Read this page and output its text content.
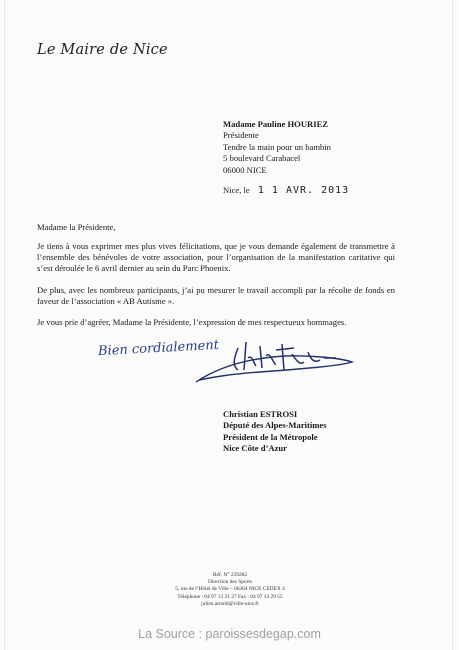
Le Maire de Nice
Madame Pauline HOURIEZ
Présidente
Tendre la main pour un bambin
5 boulevard Carabacel
06000 NICE
Nice, le 1 1 AVR. 2013
Madame la Présidente,
Je tiens à vous exprimer mes plus vives félicitations, que je vous demande également de transmettre à l’ensemble des bénévoles de votre association, pour l’organisation de la manifestation caritative qui s’est déroulée le 6 avril dernier au sein du Parc Phoenix.
De plus, avec les nombreux participants, j’ai pu mesurer le travail accompli par la récolte de fonds en faveur de l’association « AB Autisme ».
Je vous prie d’agréer, Madame la Présidente, l’expression de mes respectueux hommages.
Bien cordialement
Christian ESTROSI
Député des Alpes-Maritimes
Président de la Métropole
Nice Côte d’Azur
Réf. N° 239282
Direction des Sports
5, rue de l’Hôtel de Ville – 06364 NICE CEDEX 4
Téléphone : 04 97 13 31 27 Fax : 04 97 13 29 55
julien.arnold@ville-nice.fr
La Source : paroissesdegap.com
